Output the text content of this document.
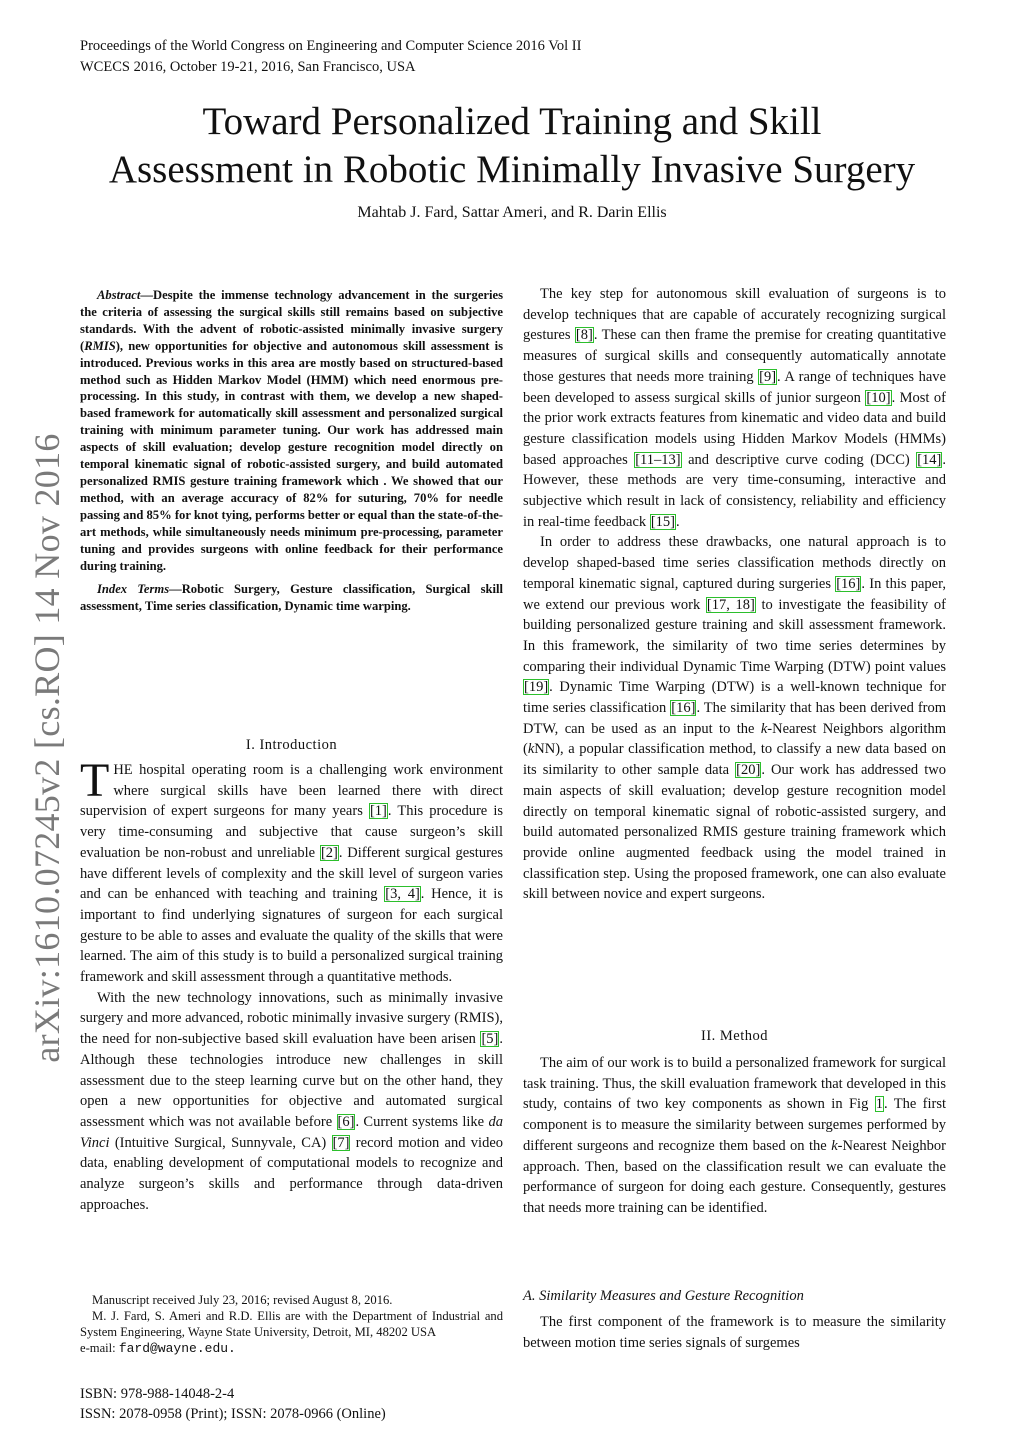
Proceedings of the World Congress on Engineering and Computer Science 2016 Vol II
WCECS 2016, October 19-21, 2016, San Francisco, USA
Toward Personalized Training and Skill
Assessment in Robotic Minimally Invasive Surgery
Mahtab J. Fard, Sattar Ameri, and R. Darin Ellis
arXiv:1610.07245v2 [cs.RO] 14 Nov 2016

Abstract—Despite the immense technology advancement in the surgeries the criteria of assessing the surgical skills still remains based on subjective standards. With the advent of robotic-assisted minimally invasive surgery (RMIS), new opportunities for objective and autonomous skill assessment is introduced. Previous works in this area are mostly based on structured-based method such as Hidden Markov Model (HMM) which need enormous pre-processing. In this study, in contrast with them, we develop a new shaped-based framework for automatically skill assessment and personalized surgical training with minimum parameter tuning. Our work has addressed main aspects of skill evaluation; develop gesture recognition model directly on temporal kinematic signal of robotic-assisted surgery, and build automated personalized RMIS gesture training framework which . We showed that our method, with an average accuracy of 82% for suturing, 70% for needle passing and 85% for knot tying, performs better or equal than the state-of-the-art methods, while simultaneously needs minimum pre-processing, parameter tuning and provides surgeons with online feedback for their performance during training.

Index Terms—Robotic Surgery, Gesture classification, Surgical skill assessment, Time series classification, Dynamic time warping.

I. Introduction

THE hospital operating room is a challenging work environment where surgical skills have been learned there with direct supervision of expert surgeons for many years [1]. This procedure is very time-consuming and subjective that cause surgeon’s skill evaluation be non-robust and unreliable [2]. Different surgical gestures have different levels of complexity and the skill level of surgeon varies and can be enhanced with teaching and training [3, 4]. Hence, it is important to find underlying signatures of surgeon for each surgical gesture to be able to asses and evaluate the quality of the skills that were learned. The aim of this study is to build a personalized surgical training framework and skill assessment through a quantitative methods.

With the new technology innovations, such as minimally invasive surgery and more advanced, robotic minimally invasive surgery (RMIS), the need for non-subjective based skill evaluation have been arisen [5]. Although these technologies introduce new challenges in skill assessment due to the steep learning curve but on the other hand, they open a new opportunities for objective and automated surgical assessment which was not available before [6]. Current systems like da Vinci (Intuitive Surgical, Sunnyvale, CA) [7] record motion and video data, enabling development of computational models to recognize and analyze surgeon’s skills and performance through data-driven approaches.

Manuscript received July 23, 2016; revised August 8, 2016.

M. J. Fard, S. Ameri and R.D. Ellis are with the Department of Industrial and System Engineering, Wayne State University, Detroit, MI, 48202 USA

e-mail: fard@wayne.edu.
ISBN: 978-988-14048-2-4
ISSN: 2078-0958 (Print); ISSN: 2078-0966 (Online)

The key step for autonomous skill evaluation of surgeons is to develop techniques that are capable of accurately recognizing surgical gestures [8]. These can then frame the premise for creating quantitative measures of surgical skills and consequently automatically annotate those gestures that needs more training [9]. A range of techniques have been developed to assess surgical skills of junior surgeon [10]. Most of the prior work extracts features from kinematic and video data and build gesture classification models using Hidden Markov Models (HMMs) based approaches [11–13] and descriptive curve coding (DCC) [14]. However, these methods are very time-consuming, interactive and subjective which result in lack of consistency, reliability and efficiency in real-time feedback [15].

In order to address these drawbacks, one natural approach is to develop shaped-based time series classification methods directly on temporal kinematic signal, captured during surgeries [16]. In this paper, we extend our previous work [17, 18] to investigate the feasibility of building personalized gesture training and skill assessment framework. In this framework, the similarity of two time series determines by comparing their individual Dynamic Time Warping (DTW) point values [19]. Dynamic Time Warping (DTW) is a well-known technique for time series classification [16]. The similarity that has been derived from DTW, can be used as an input to the k-Nearest Neighbors algorithm (kNN), a popular classification method, to classify a new data based on its similarity to other sample data [20]. Our work has addressed two main aspects of skill evaluation; develop gesture recognition model directly on temporal kinematic signal of robotic-assisted surgery, and build automated personalized RMIS gesture training framework which provide online augmented feedback using the model trained in classification step. Using the proposed framework, one can also evaluate skill between novice and expert surgeons.

II. Method

The aim of our work is to build a personalized framework for surgical task training. Thus, the skill evaluation framework that developed in this study, contains of two key components as shown in Fig 1. The first component is to measure the similarity between surgemes performed by different surgeons and recognize them based on the k-Nearest Neighbor approach. Then, based on the classification result we can evaluate the performance of surgeon for doing each gesture. Consequently, gestures that needs more training can be identified.

A. Similarity Measures and Gesture Recognition

The first component of the framework is to measure the similarity between motion time series signals of surgemes
